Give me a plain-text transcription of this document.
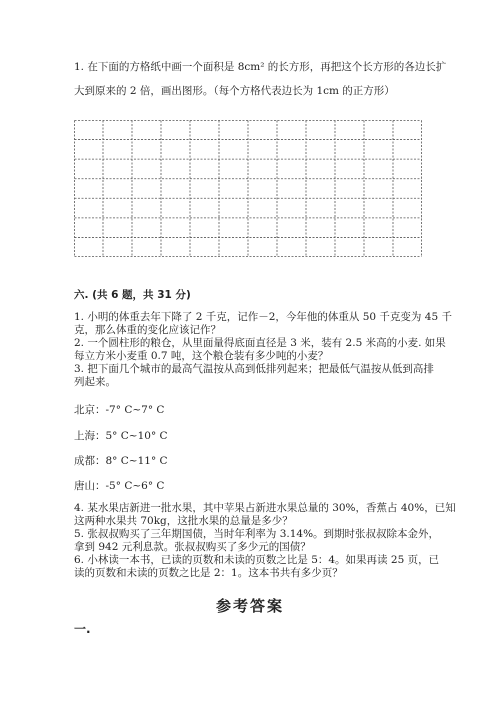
1. 在下面的方格纸中画一个面积是 8cm² 的长方形，再把这个长方形的各边长扩
大到原来的 2 倍，画出图形。（每个方格代表边长为 1cm 的正方形）
六. (共 6 题，共 31 分)
1. 小明的体重去年下降了 2 千克，记作－2，今年他的体重从 50 千克变为 45 千
克，那么体重的变化应该记作？
2. 一个圆柱形的粮仓，从里面量得底面直径是 3 米，装有 2.5 米高的小麦. 如果
每立方米小麦重 0.7 吨，这个粮仓装有多少吨的小麦？
3. 把下面几个城市的最高气温按从高到低排列起来；把最低气温按从低到高排
列起来。
北京：-7° C~7° C
上海：5° C~10° C
成都：8° C~11° C
唐山：-5° C~6° C
4. 某水果店新进一批水果，其中苹果占新进水果总量的 30%，香蕉占 40%，已知
这两种水果共 70kg，这批水果的总量是多少？
5. 张叔叔购买了三年期国债，当时年利率为 3.14%。到期时张叔叔除本金外，
拿到 942 元利息款。张叔叔购买了多少元的国债？
6. 小林读一本书，已读的页数和未读的页数之比是 5：4。如果再读 25 页，已
读的页数和未读的页数之比是 2：1。这本书共有多少页？
参考答案
一.
